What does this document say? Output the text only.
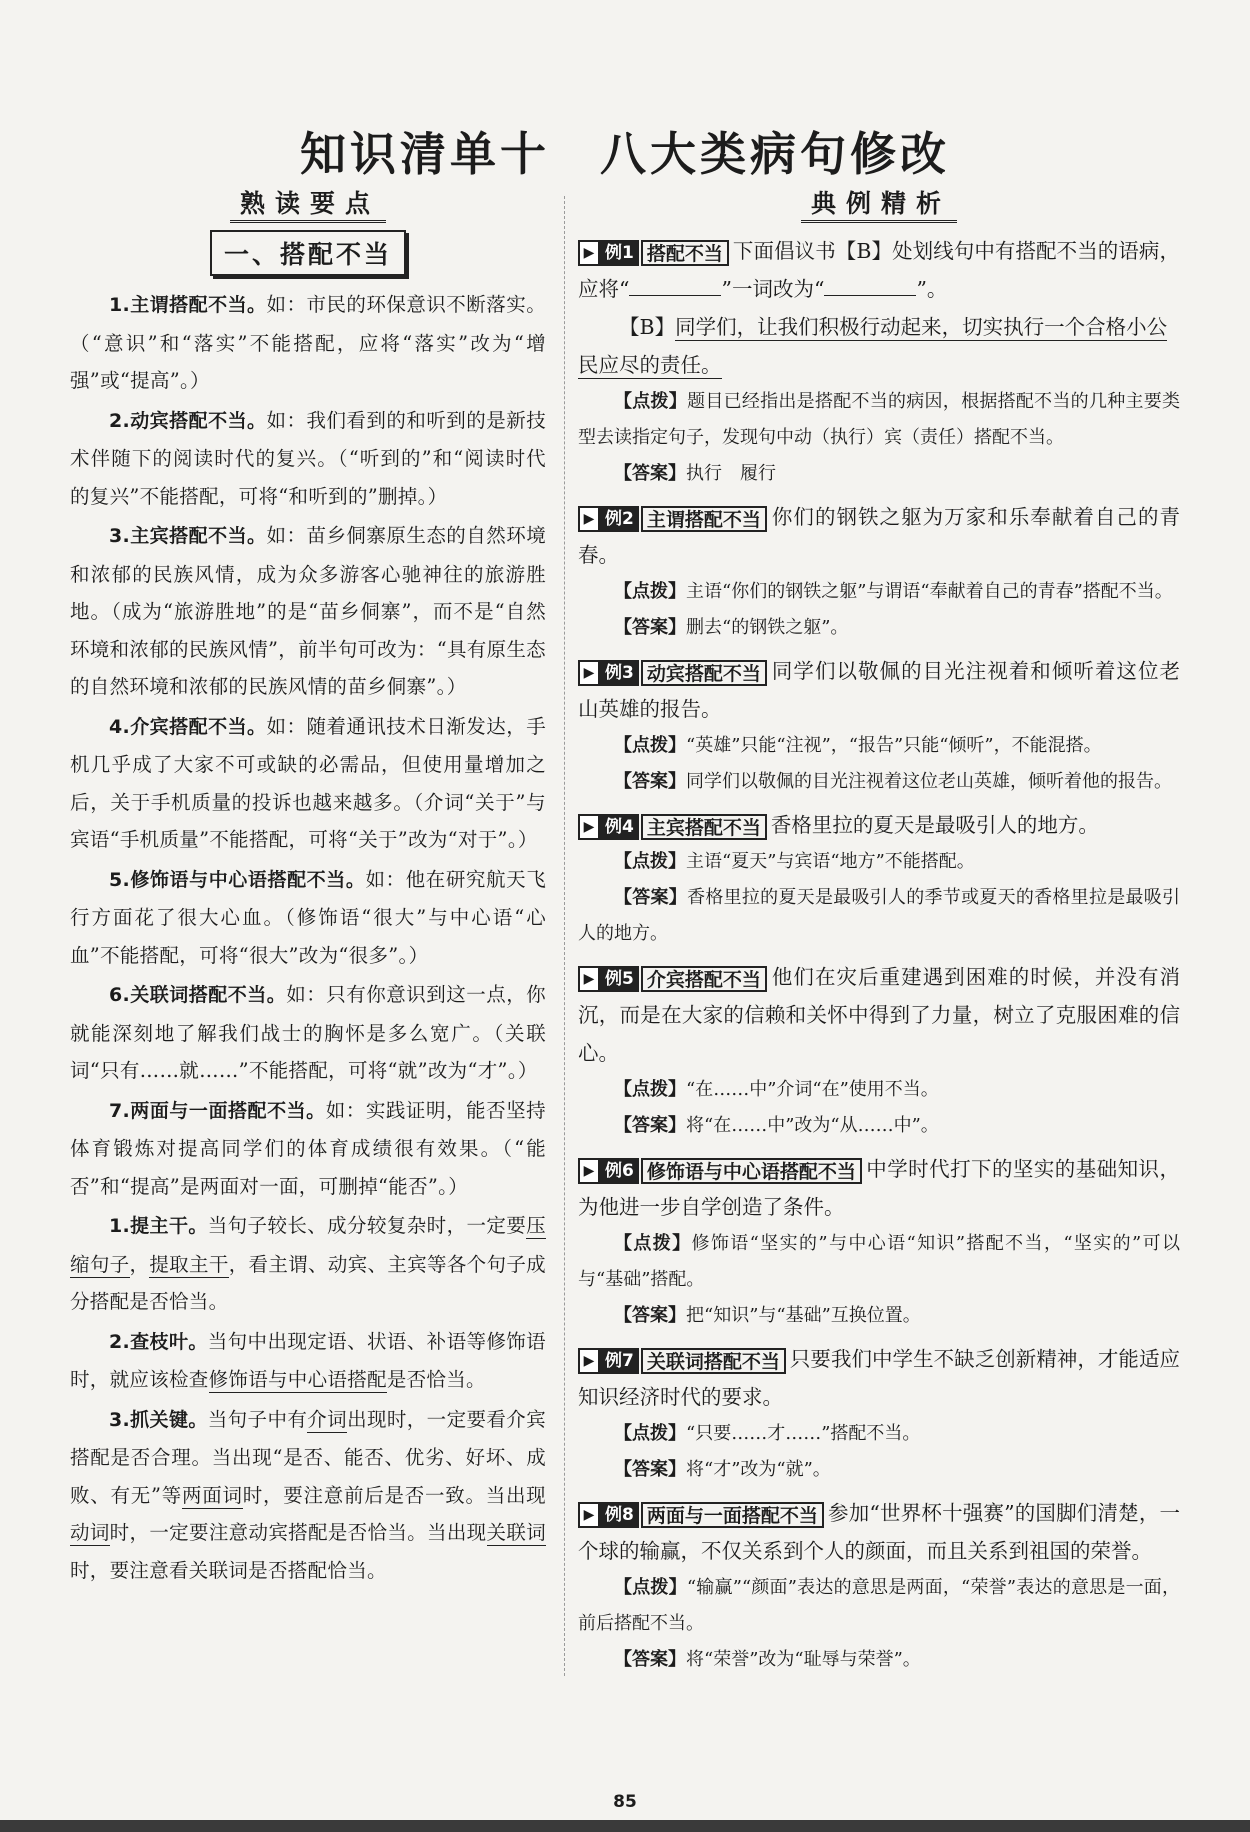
知识清单十 八大类病句修改
熟读要点
一、搭配不当

1.主谓搭配不当。如：市民的环保意识不断落实。（“意识”和“落实”不能搭配，应将“落实”改为“增强”或“提高”。）

2.动宾搭配不当。如：我们看到的和听到的是新技术伴随下的阅读时代的复兴。（“听到的”和“阅读时代的复兴”不能搭配，可将“和听到的”删掉。）

3.主宾搭配不当。如：苗乡侗寨原生态的自然环境和浓郁的民族风情，成为众多游客心驰神往的旅游胜地。（成为“旅游胜地”的是“苗乡侗寨”，而不是“自然环境和浓郁的民族风情”，前半句可改为：“具有原生态的自然环境和浓郁的民族风情的苗乡侗寨”。）

4.介宾搭配不当。如：随着通讯技术日渐发达，手机几乎成了大家不可或缺的必需品，但使用量增加之后，关于手机质量的投诉也越来越多。（介词“关于”与宾语“手机质量”不能搭配，可将“关于”改为“对于”。）

5.修饰语与中心语搭配不当。如：他在研究航天飞行方面花了很大心血。（修饰语“很大”与中心语“心血”不能搭配，可将“很大”改为“很多”。）

6.关联词搭配不当。如：只有你意识到这一点，你就能深刻地了解我们战士的胸怀是多么宽广。（关联词“只有……就……”不能搭配，可将“就”改为“才”。）

7.两面与一面搭配不当。如：实践证明，能否坚持体育锻炼对提高同学们的体育成绩很有效果。（“能否”和“提高”是两面对一面，可删掉“能否”。）

1.提主干。当句子较长、成分较复杂时，一定要压缩句子，提取主干，看主谓、动宾、主宾等各个句子成分搭配是否恰当。

2.查枝叶。当句中出现定语、状语、补语等修饰语时，就应该检查修饰语与中心语搭配是否恰当。

3.抓关键。当句子中有介词出现时，一定要看介宾搭配是否合理。当出现“是否、能否、优劣、好坏、成败、有无”等两面词时，要注意前后是否一致。当出现动词时，一定要注意动宾搭配是否恰当。当出现关联词时，要注意看关联词是否搭配恰当。

典例精析

▶ 例1 搭配不当 下面倡议书【B】处划线句中有搭配不当的语病，应将“	”一词改为“	”。

【B】同学们，让我们积极行动起来，切实执行一个合格小公民应尽的责任。

【点拨】题目已经指出是搭配不当的病因，根据搭配不当的几种主要类型去读指定句子，发现句中动（执行）宾（责任）搭配不当。

【答案】执行　履行

▶ 例2 主谓搭配不当 你们的钢铁之躯为万家和乐奉献着自己的青春。

【点拨】主语“你们的钢铁之躯”与谓语“奉献着自己的青春”搭配不当。

【答案】删去“的钢铁之躯”。

▶ 例3 动宾搭配不当 同学们以敬佩的目光注视着和倾听着这位老山英雄的报告。

【点拨】“英雄”只能“注视”，“报告”只能“倾听”，不能混搭。

【答案】同学们以敬佩的目光注视着这位老山英雄，倾听着他的报告。

▶ 例4 主宾搭配不当 香格里拉的夏天是最吸引人的地方。

【点拨】主语“夏天”与宾语“地方”不能搭配。

【答案】香格里拉的夏天是最吸引人的季节或夏天的香格里拉是最吸引人的地方。

▶ 例5 介宾搭配不当 他们在灾后重建遇到困难的时候，并没有消沉，而是在大家的信赖和关怀中得到了力量，树立了克服困难的信心。

【点拨】“在……中”介词“在”使用不当。

【答案】将“在……中”改为“从……中”。

▶ 例6 修饰语与中心语搭配不当 中学时代打下的坚实的基础知识，为他进一步自学创造了条件。

【点拨】修饰语“坚实的”与中心语“知识”搭配不当，“坚实的”可以与“基础”搭配。

【答案】把“知识”与“基础”互换位置。

▶ 例7 关联词搭配不当 只要我们中学生不缺乏创新精神，才能适应知识经济时代的要求。

【点拨】“只要……才……”搭配不当。

【答案】将“才”改为“就”。

▶ 例8 两面与一面搭配不当 参加“世界杯十强赛”的国脚们清楚，一个球的输赢，不仅关系到个人的颜面，而且关系到祖国的荣誉。

【点拨】“输赢”“颜面”表达的意思是两面，“荣誉”表达的意思是一面，前后搭配不当。

【答案】将“荣誉”改为“耻辱与荣誉”。

85
